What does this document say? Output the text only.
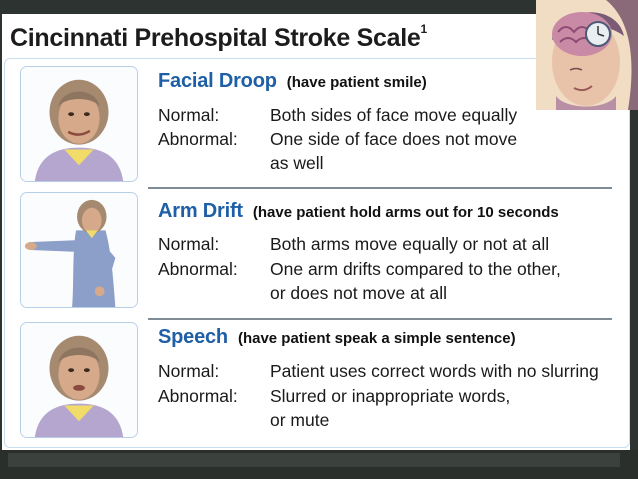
Cincinnati Prehospital Stroke Scale$^1$
Facial Droop (have patient smile)
Normal:	Both sides of face move equally
Abnormal: One side of face does not move
as well
Arm Drift (have patient hold arms out for 10 seconds
Normal:	Both arms move equally or not at all
Abnormal: One arm drifts compared to the other,
or does not move at all
Speech (have patient speak a simple sentence)
Normal:	Patient uses correct words with no slurring
Abnormal: Slurred or inappropriate words,
or mute
